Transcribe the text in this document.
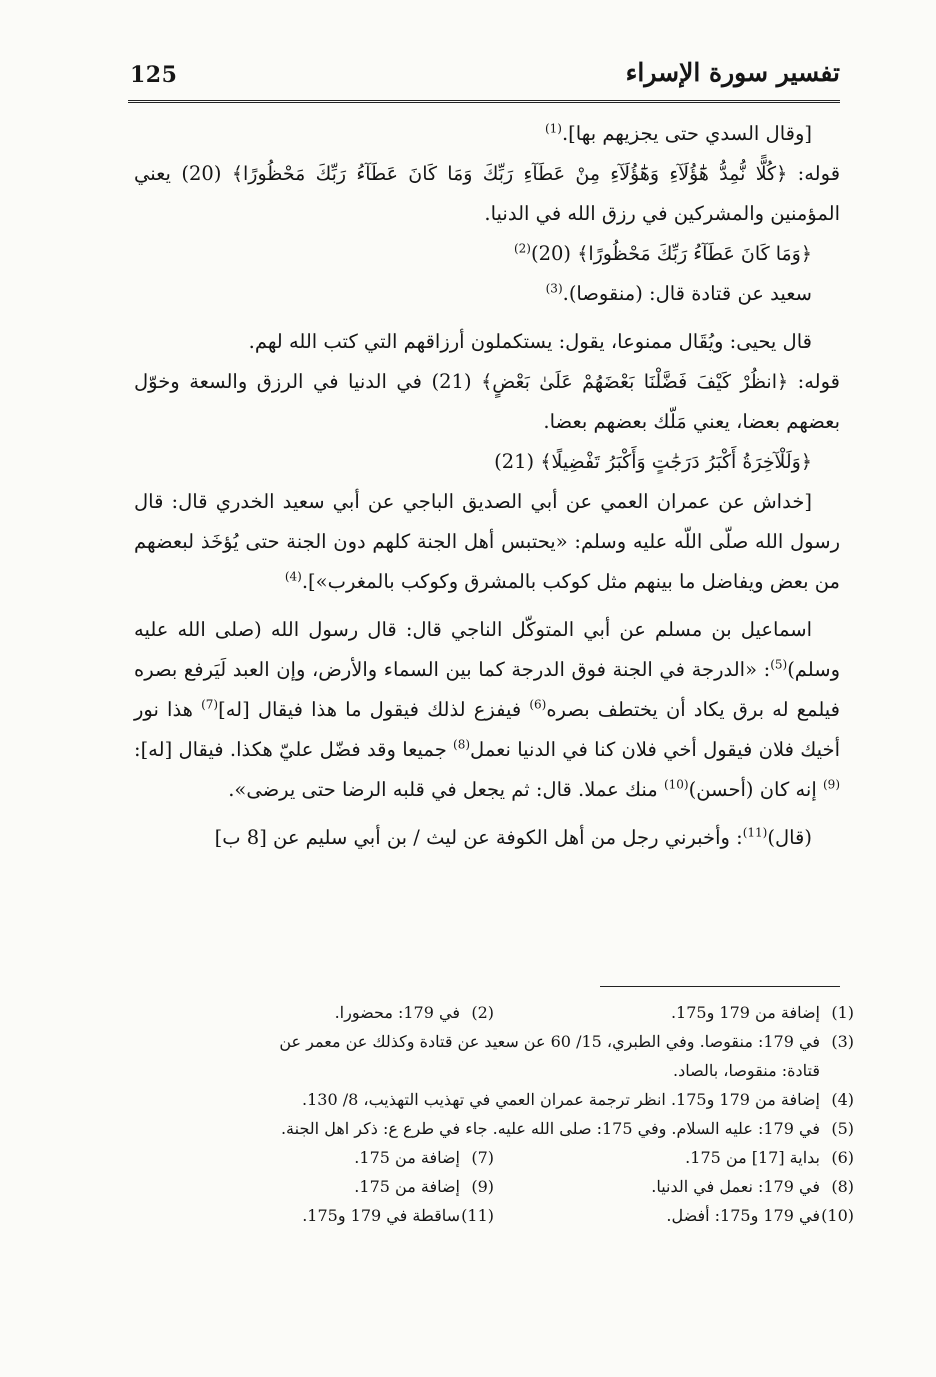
تفسير سورة الإسراء
125

[وقال السدي حتى يجزيهم بها].$^{(1)}$

قوله: ﴿كُلًّا نُّمِدُّ هَٰٓؤُلَآءِ وَهَٰٓؤُلَآءِ مِنْ عَطَآءِ رَبِّكَ وَمَا كَانَ عَطَآءُ رَبِّكَ مَحْظُورًا﴾ (20) يعني المؤمنين والمشركين في رزق الله في الدنيا.

﴿وَمَا كَانَ عَطَآءُ رَبِّكَ مَحْظُورًا﴾ (20)$^{(2)}$

سعيد عن قتادة قال: (منقوصا).$^{(3)}$

قال يحيى: ويُقَال ممنوعا، يقول: يستكملون أرزاقهم التي كتب الله لهم.

قوله: ﴿انظُرْ كَيْفَ فَضَّلْنَا بَعْضَهُمْ عَلَىٰ بَعْضٍ﴾ (21) في الدنيا في الرزق والسعة وخوّل بعضهم بعضا، يعني مَلّك بعضهم بعضا.

﴿وَلَلْآخِرَةُ أَكْبَرُ دَرَجَٰتٍ وَأَكْبَرُ تَفْضِيلًا﴾ (21)

[خداش عن عمران العمي عن أبي الصديق الباجي عن أبي سعيد الخدري قال: قال رسول الله صلّى اللّه عليه وسلم: «يحتبس أهل الجنة كلهم دون الجنة حتى يُؤخَذ لبعضهم من بعض ويفاضل ما بينهم مثل كوكب بالمشرق وكوكب بالمغرب»].$^{(4)}$

اسماعيل بن مسلم عن أبي المتوكّل الناجي قال: قال رسول الله (صلى الله عليه وسلم)$^{(5)}$: «الدرجة في الجنة فوق الدرجة كما بين السماء والأرض، وإن العبد لَيَرفع بصره فيلمع له برق يكاد أن يختطف بصره$^{(6)}$ فيفزع لذلك فيقول ما هذا فيقال [له]$^{(7)}$ هذا نور أخيك فلان فيقول أخي فلان كنا في الدنيا نعمل$^{(8)}$ جميعا وقد فضّل عليّ هكذا. فيقال [له]:$^{(9)}$ إنه كان (أحسن)$^{(10)}$ منك عملا. قال: ثم يجعل في قلبه الرضا حتى يرضى».

(قال)$^{(11)}$: وأخبرني رجل من أهل الكوفة عن ليث / بن أبي سليم عن [8 ب]

(1)إضافة من 179 و175.
(2)في 179: محضورا.
(3)في 179: منقوصا. وفي الطبري، 15/ 60 عن سعيد عن قتادة وكذلك عن معمر عن
قتادة: منقوصا، بالصاد.
(4)إضافة من 179 و175. انظر ترجمة عمران العمي في تهذيب التهذيب، 8/ 130.
(5)في 179: عليه السلام. وفي 175: صلى الله عليه. جاء في طرع ع: ذكر اهل الجنة.
(6)بداية [17] من 175.
(7)إضافة من 175.
(8)في 179: نعمل في الدنيا.
(9)إضافة من 175.
(10)في 179 و175: أفضل.
(11)ساقطة في 179 و175.
